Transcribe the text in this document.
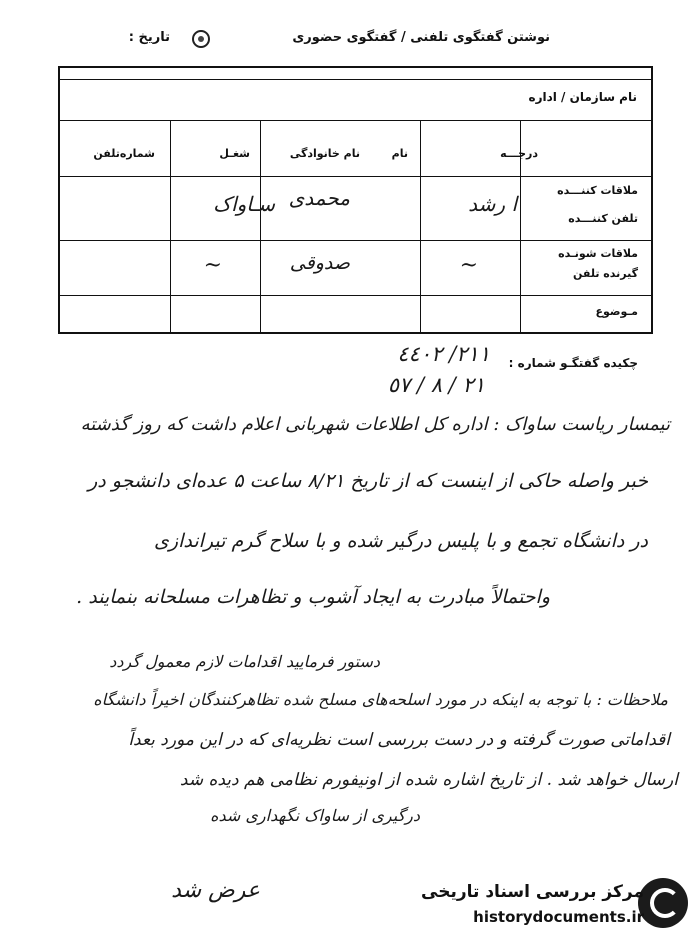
نوشتن گفتگوی تلفنی / گفتگوی حضوری
تاریخ :
نام سازمان / اداره
درجـــه
نام
نام خانوادگی
شغـل
شماره‌تلفن
ملاقات کننـــده
تلفن کننـــده
ملاقات شونـده
گیرنده تلفن
مـوضوع
ا رشد
محمدی
سـاواک
~
صدوقی
~
چکیده گفتگـو شماره :
٢١١/ ٤٤٠٢
٢١ / ٨ / ٥٧
تیمسار ریاست ساواک : اداره کل اطلاعات شهربانی اعلام داشت که روز گذشته
خبر واصله حاکی از اینست که از تاریخ ۸/۲۱ ساعت ۵ عده‌ای دانشجو در
در دانشگاه تجمع و با پلیس درگیر شده و با سلاح گرم تیراندازی
واحتمالاً مبادرت به ایجاد آشوب و تظاهرات مسلحانه بنمایند .
دستور فرمایید اقدامات لازم معمول گردد
ملاحظات : با توجه به اینکه در مورد اسلحه‌های مسلح شده تظاهرکنندگان اخیراً دانشگاه
اقداماتی صورت گرفته و در دست بررسی است نظریه‌ای که در این مورد بعداً
ارسال خواهد شد . از تاریخ اشاره شده از اونیفورم نظامی هم دیده شد
درگیری از ساواک نگهداری شده
عرض شد	مرکز بررسی اسناد تاریخی
historydocuments.ir
